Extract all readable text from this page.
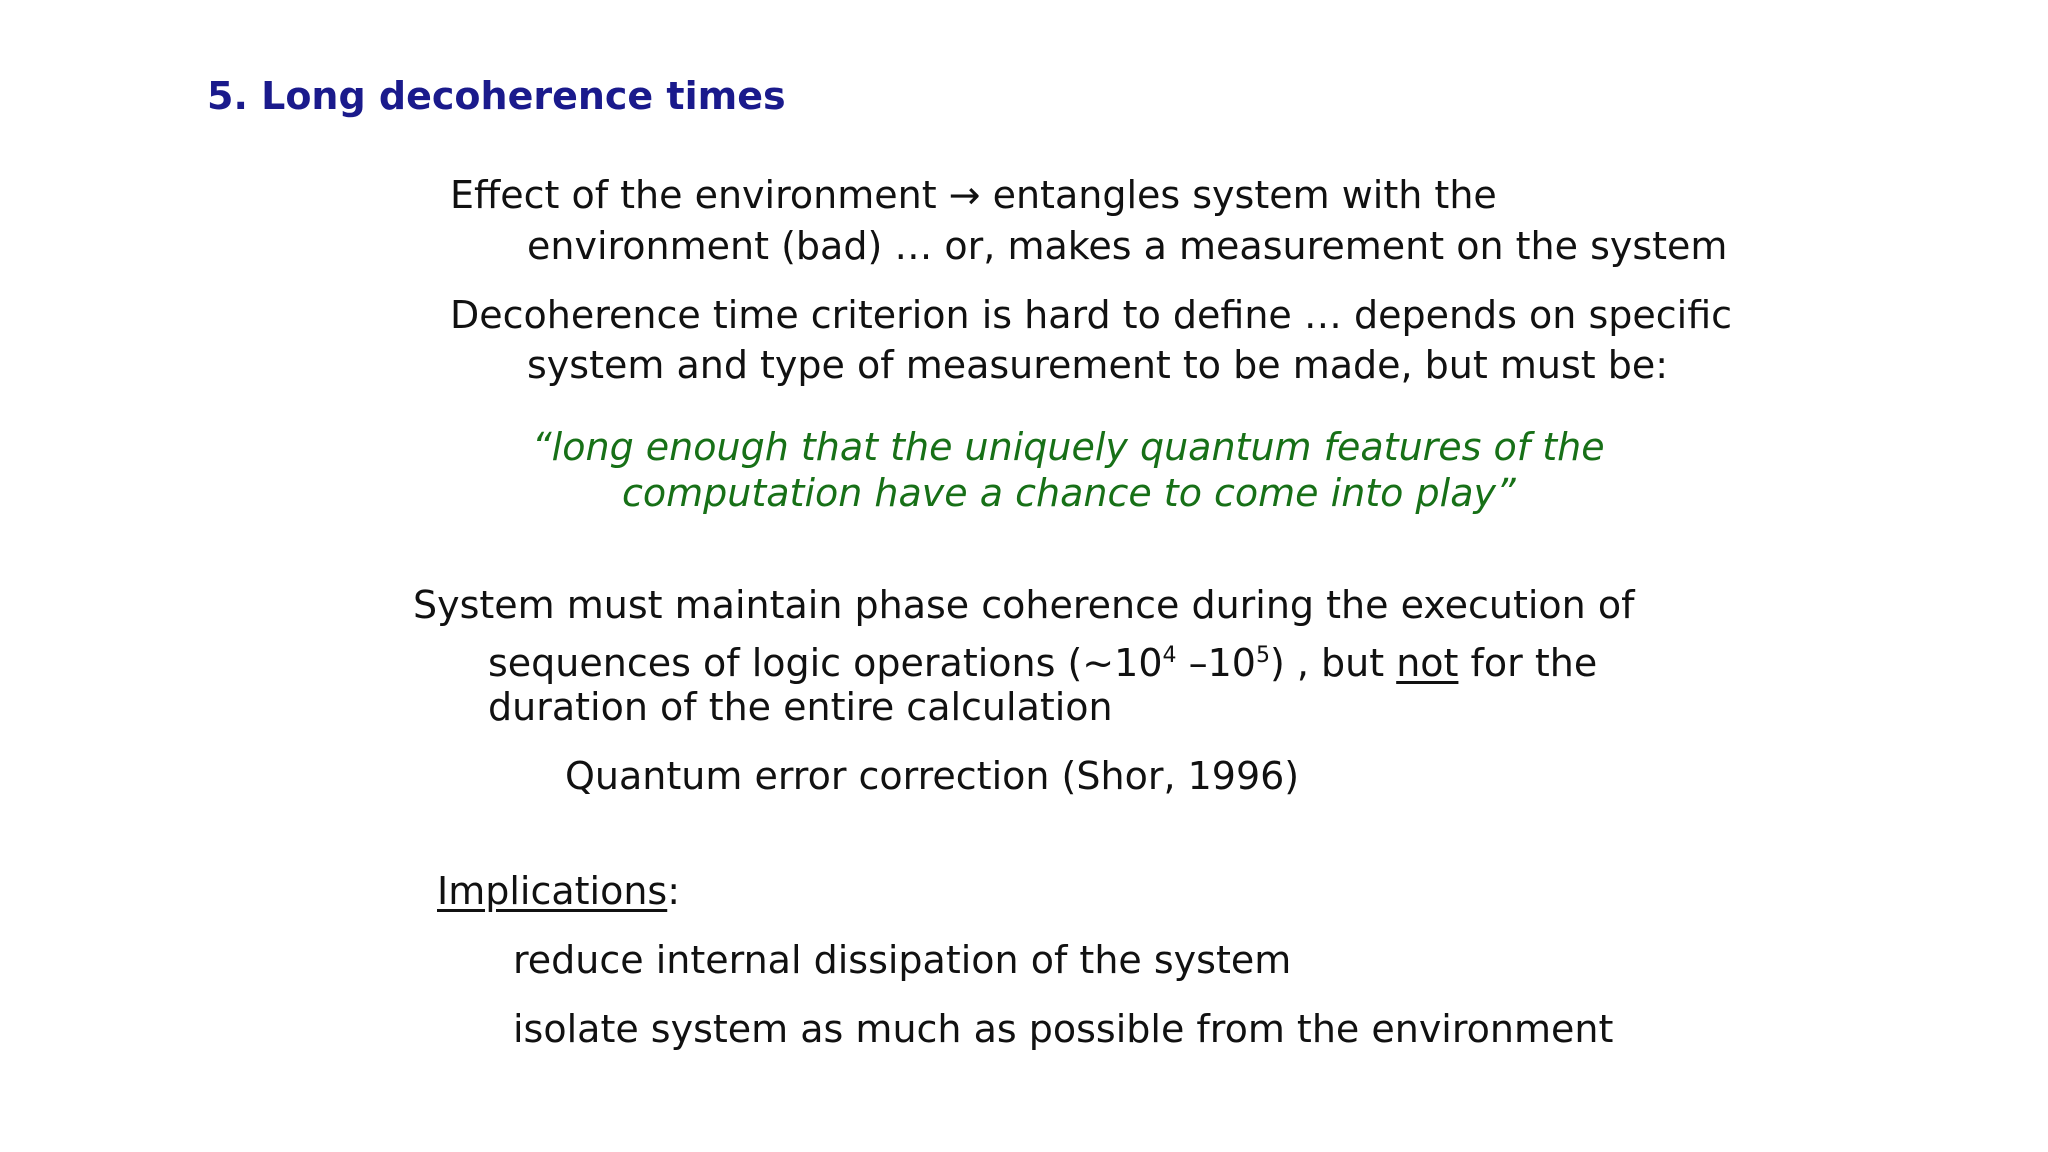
5. Long decoherence times
Effect of the environment → entangles system with the
environment (bad) … or, makes a measurement on the system
Decoherence time criterion is hard to define … depends on specific
system and type of measurement to be made, but must be:
“long enough that the uniquely quantum features of the
computation have a chance to come into play”
System must maintain phase coherence during the execution of
sequences of logic operations ($\sim 10^4$ $-10^5$) , but not for the
duration of the entire calculation
Quantum error correction (Shor, 1996)
Implications:
reduce internal dissipation of the system
isolate system as much as possible from the environment
